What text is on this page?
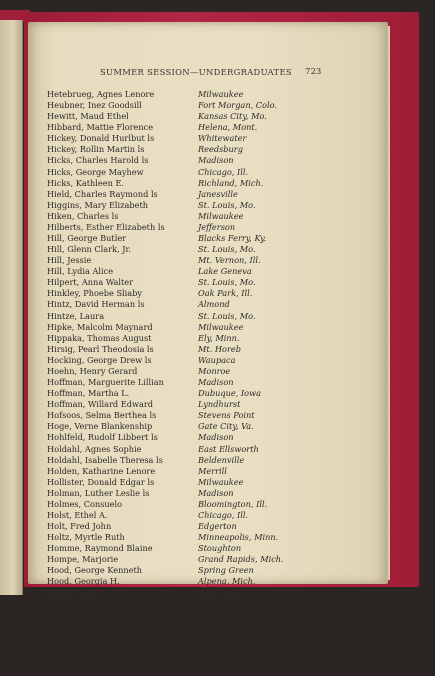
SUMMER SESSION—UNDERGRADUATES	723
Hetebrueg, Agnes Lenore	Milwaukee
Heubner, Inez Goodsill	Fort Morgan, Colo.
Hewitt, Maud Ethel	Kansas City, Mo.
Hibbard, Mattie Florence	Helena, Mont.
Hickey, Donald Hurlbut ls	Whitewater
Hickey, Rollin Martin ls	Reedsburg
Hicks, Charles Harold ls	Madison
Hicks, George Mayhew	Chicago, Ill.
Hicks, Kathleen E.	Richland, Mich.
Hield, Charles Raymond ls	Janesville
Higgins, Mary Elizabeth	St. Louis, Mo.
Hiken, Charles ls	Milwaukee
Hilberts, Esther Elizabeth ls	Jefferson
Hill, George Butler	Blacks Ferry, Ky.
Hill, Glenn Clark, Jr.	St. Louis, Mo.
Hill, Jessie	Mt. Vernon, Ill.
Hill, Lydia Alice	Lake Geneva
Hilpert, Anna Walter	St. Louis, Mo.
Hinkley, Phoebe Sliaby	Oak Park, Ill.
Hintz, David Herman ls	Almond
Hintze, Laura	St. Louis, Mo.
Hipke, Malcolm Maynard	Milwaukee
Hippaka, Thomas August	Ely, Minn.
Hirsig, Pearl Theodosia ls	Mt. Horeb
Hocking, George Drew ls	Waupaca
Hoehn, Henry Gerard	Monroe
Hoffman, Marguerite Lillian	Madison
Hoffman, Martha L.	Dubuque, Iowa
Hoffman, Willard Edward	Lyndhurst
Hofsoos, Selma Berthea ls	Stevens Point
Hoge, Verne Blankenship	Gate City, Va.
Hohlfeld, Rudolf Libbert ls	Madison
Holdahl, Agnes Sophie	East Ellsworth
Holdahl, Isabelle Theresa ls	Beldenville
Holden, Katharine Lenore	Merrill
Hollister, Donald Edgar ls	Milwaukee
Holman, Luther Leslie ls	Madison
Holmes, Consuelo	Bloomington, Ill.
Holst, Ethel A.	Chicago, Ill.
Holt, Fred John	Edgerton
Holtz, Myrtle Ruth	Minneapolis, Minn.
Homme, Raymond Blaine	Stoughton
Hompe, Marjorie	Grand Rapids, Mich.
Hood, George Kenneth	Spring Green
Hood, Georgia H.	Alpena, Mich.
Hoole, Patricia	West Allis
Hooper, Helen ls	Oshkosh
Hoopes, Louise Olive	Springfield, Ill.
Hopkins, Alice Isabel	Princeton, Ind.
Hopkins, Edith	Kansas City, Kans.
Hopkins, Jane Elizabeth	Washington, D. C.
Hoppe, Erich Otto ls	Platteville
Hoppenyan, Margaret Mary ls	Ashland
